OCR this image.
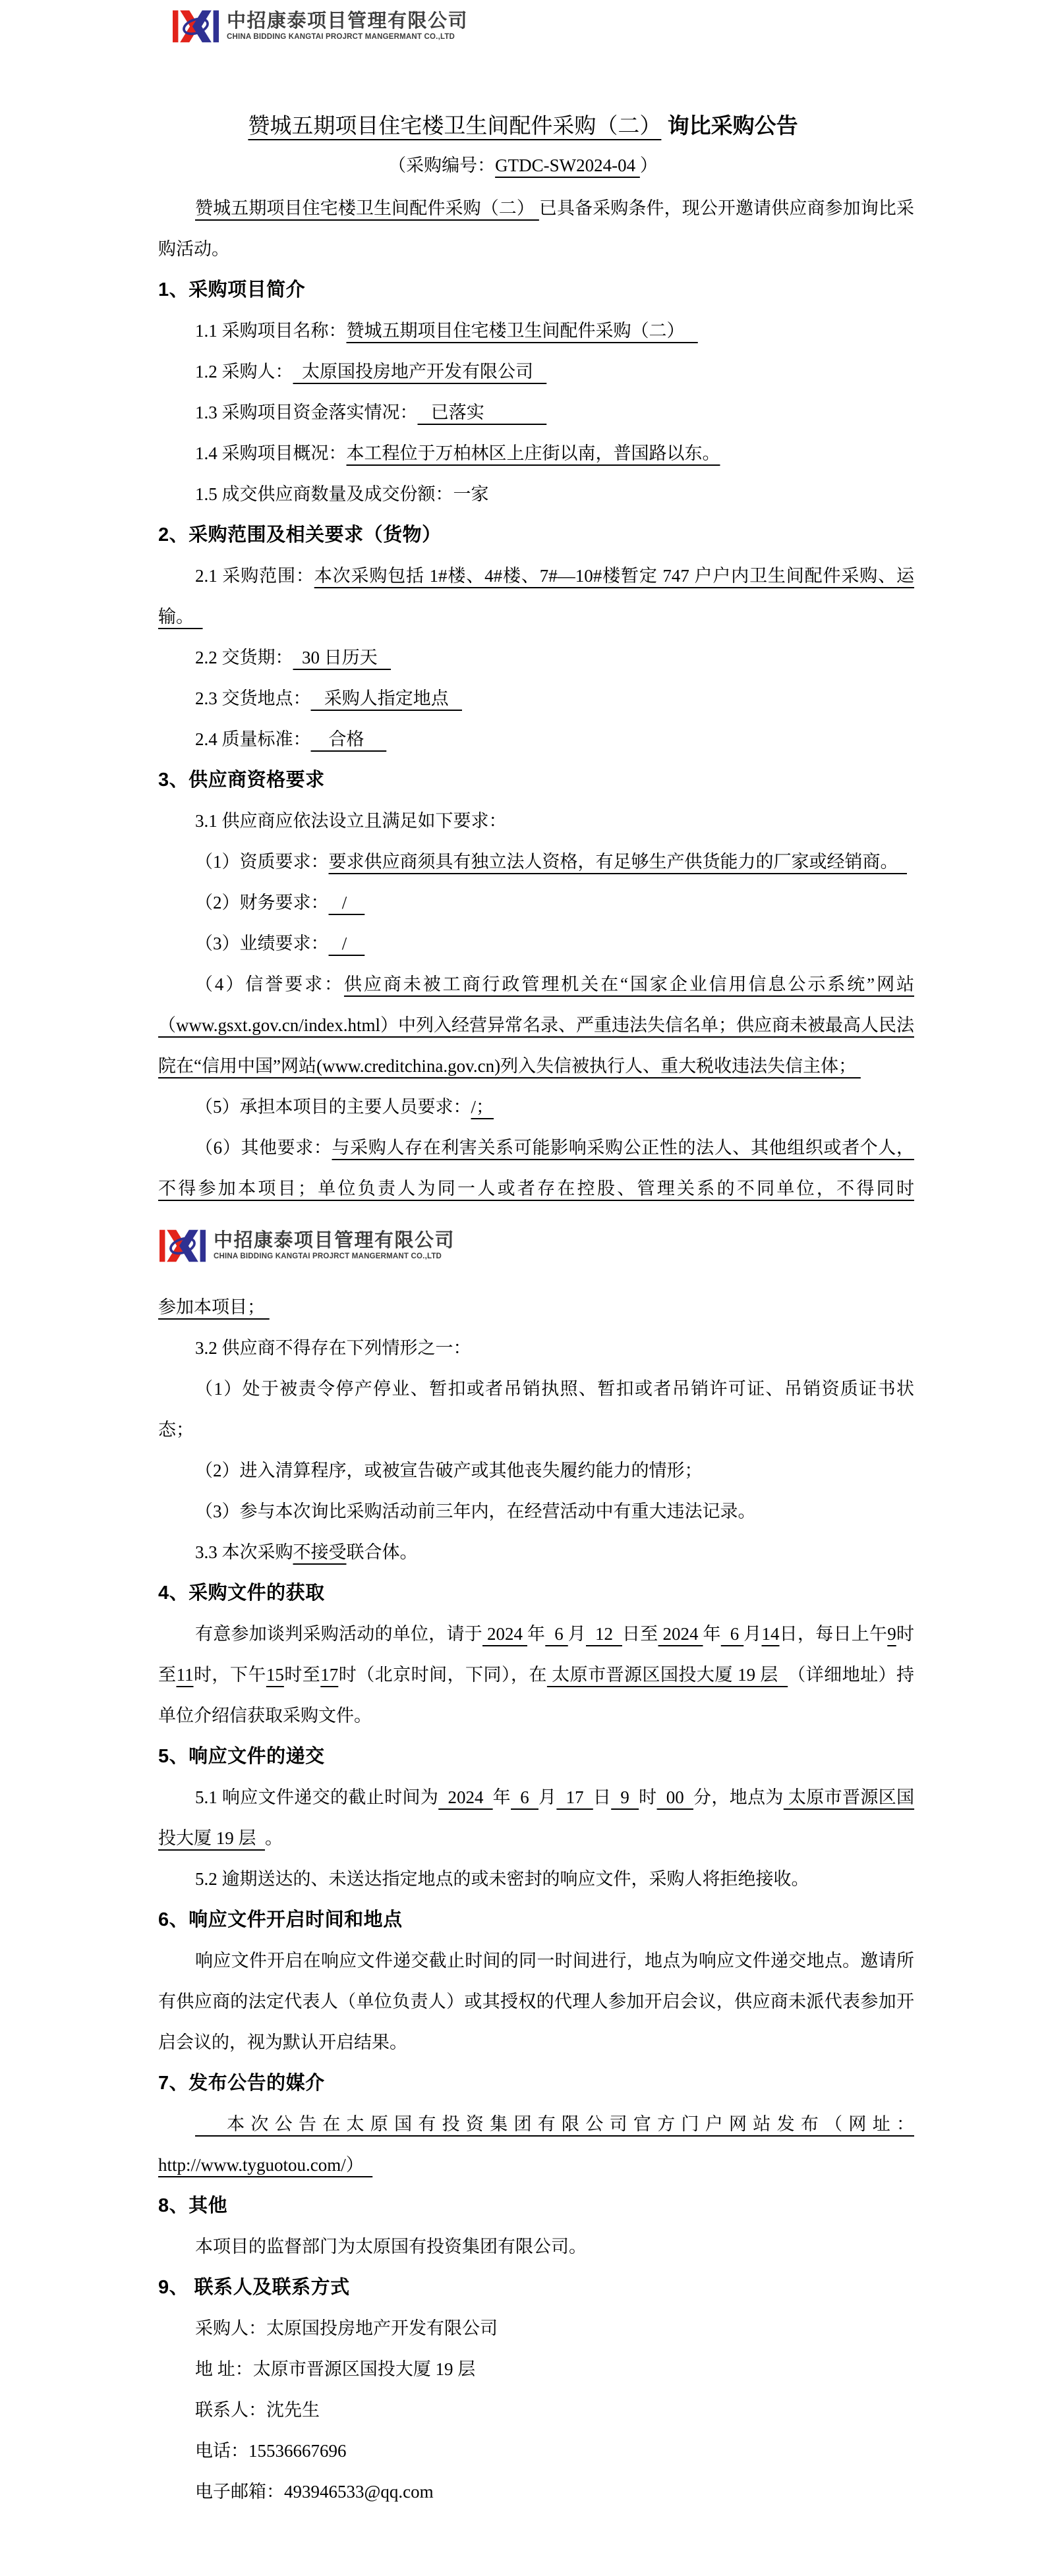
中招康泰项目管理有限公司
CHINA BIDDING KANGTAI PROJRCT MANGERMANT CO.,LTD
赞城五期项目住宅楼卫生间配件采购（二） 询比采购公告
（采购编号：GTDC-SW2024-04 ）

赞城五期项目住宅楼卫生间配件采购（二） 已具备采购条件，现公开邀请供应商参加询比采购活动。

1、采购项目简介

1.1 采购项目名称：赞城五期项目住宅楼卫生间配件采购（二）

1.2 采购人：  太原国投房地产开发有限公司

1.3 采购项目资金落实情况：   已落实

1.4 采购项目概况：本工程位于万柏林区上庄街以南，普国路以东。

1.5 成交供应商数量及成交份额：一家

2、采购范围及相关要求（货物）

2.1 采购范围：本次采购包括 1#楼、4#楼、7#—10#楼暂定 747 户户内卫生间配件采购、运输。

2.2 交货期：  30 日历天

2.3 交货地点：   采购人指定地点

2.4 质量标准：    合格

3、供应商资格要求

3.1 供应商应依法设立且满足如下要求：

（1）资质要求：要求供应商须具有独立法人资格，有足够生产供货能力的厂家或经销商。

（2）财务要求：   /

（3）业绩要求：   /

（4）信誉要求：供应商未被工商行政管理机关在“国家企业信用信息公示系统”网站（www.gsxt.gov.cn/index.html）中列入经营异常名录、严重违法失信名单；供应商未被最高人民法院在“信用中国”网站(www.creditchina.gov.cn)列入失信被执行人、重大税收违法失信主体；

（5）承担本项目的主要人员要求：/；

（6）其他要求：与采购人存在利害关系可能影响采购公正性的法人、其他组织或者个人，不得参加本项目；单位负责人为同一人或者存在控股、管理关系的不同单位，不得同时

中招康泰项目管理有限公司
CHINA BIDDING KANGTAI PROJRCT MANGERMANT CO.,LTD

参加本项目；

3.2 供应商不得存在下列情形之一：

（1）处于被责令停产停业、暂扣或者吊销执照、暂扣或者吊销许可证、吊销资质证书状态；

（2）进入清算程序，或被宣告破产或其他丧失履约能力的情形；

（3）参与本次询比采购活动前三年内，在经营活动中有重大违法记录。

3.3 本次采购不接受联合体。

4、采购文件的获取

有意参加谈判采购活动的单位，请于 2024 年  6 月  12  日至 2024 年  6 月14日，每日上午9时至11时，下午15时至17时（北京时间，下同），在 太原市晋源区国投大厦 19 层  （详细地址）持单位介绍信获取采购文件。

5、响应文件的递交

5.1 响应文件递交的截止时间为  2024  年  6  月  17  日  9  时  00  分，地点为 太原市晋源区国投大厦 19 层  。

5.2 逾期送达的、未送达指定地点的或未密封的响应文件，采购人将拒绝接收。

6、响应文件开启时间和地点

响应文件开启在响应文件递交截止时间的同一时间进行，地点为响应文件递交地点。邀请所有供应商的法定代表人（单位负责人）或其授权的代理人参加开启会议，供应商未派代表参加开启会议的，视为默认开启结果。

7、发布公告的媒介

本次公告在太原国有投资集团有限公司官方门户网站发布（网址：http://www.tyguotou.com/）

8、其他

本项目的监督部门为太原国有投资集团有限公司。

9、 联系人及联系方式

采购人：太原国投房地产开发有限公司

地 址：太原市晋源区国投大厦 19 层

联系人：沈先生

电话：15536667696

电子邮箱：493946533@qq.com
